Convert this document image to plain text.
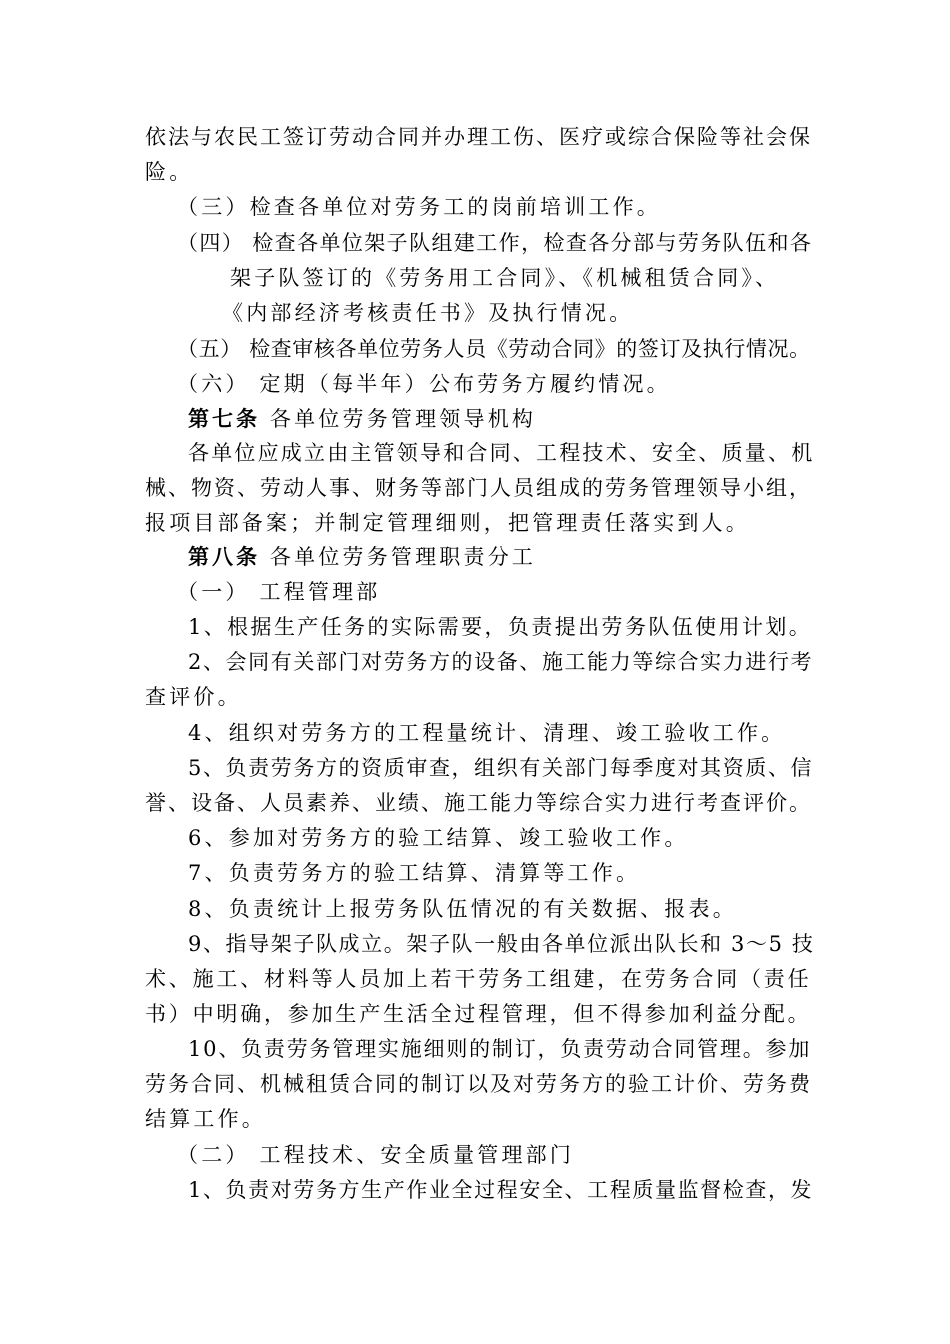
依法与农民工签订劳动合同并办理工伤、医疗或综合保险等社会保
险。
（三）检查各单位对劳务工的岗前培训工作。
（四） 检查各单位架子队组建工作，检查各分部与劳务队伍和各
架子队签订的《劳务用工合同》、《机械租赁合同》、
《内部经济考核责任书》及执行情况。
（五） 检查审核各单位劳务人员《劳动合同》的签订及执行情况。
（六） 定期（每半年）公布劳务方履约情况。
第七条 各单位劳务管理领导机构
各单位应成立由主管领导和合同、工程技术、安全、质量、机
械、物资、劳动人事、财务等部门人员组成的劳务管理领导小组，
报项目部备案；并制定管理细则，把管理责任落实到人。
第八条 各单位劳务管理职责分工
（一） 工程管理部
1、根据生产任务的实际需要，负责提出劳务队伍使用计划。
2、会同有关部门对劳务方的设备、施工能力等综合实力进行考
查评价。
4、组织对劳务方的工程量统计、清理、竣工验收工作。
5、负责劳务方的资质审查，组织有关部门每季度对其资质、信
誉、设备、人员素养、业绩、施工能力等综合实力进行考查评价。
6、参加对劳务方的验工结算、竣工验收工作。
7、负责劳务方的验工结算、清算等工作。
8、负责统计上报劳务队伍情况的有关数据、报表。
9、指导架子队成立。架子队一般由各单位派出队长和 3～5 技
术、施工、材料等人员加上若干劳务工组建，在劳务合同（责任
书）中明确，参加生产生活全过程管理，但不得参加利益分配。
10、负责劳务管理实施细则的制订，负责劳动合同管理。参加
劳务合同、机械租赁合同的制订以及对劳务方的验工计价、劳务费
结算工作。
（二） 工程技术、安全质量管理部门
1、负责对劳务方生产作业全过程安全、工程质量监督检查，发
